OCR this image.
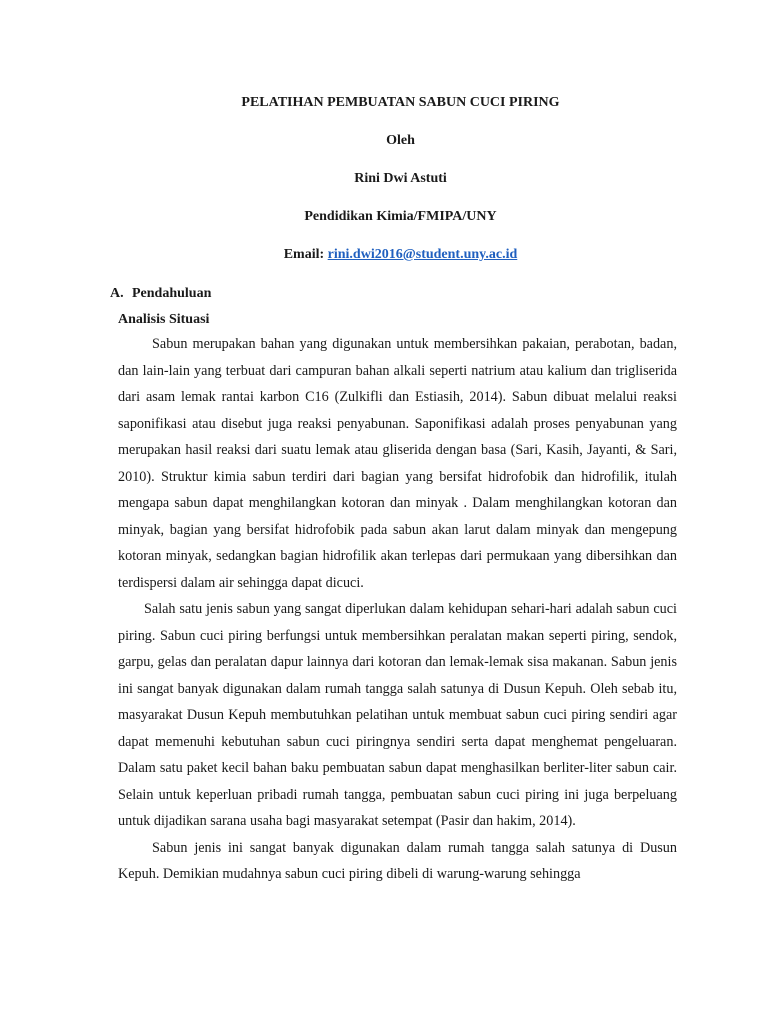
PELATIHAN PEMBUATAN SABUN CUCI PIRING

Oleh

Rini Dwi Astuti

Pendidikan Kimia/FMIPA/UNY

Email: rini.dwi2016@student.uny.ac.id

A. Pendahuluan

Analisis Situasi

Sabun merupakan bahan yang digunakan untuk membersihkan pakaian, perabotan, badan, dan lain-lain yang terbuat dari campuran bahan alkali seperti natrium atau kalium dan trigliserida dari asam lemak rantai karbon C16 (Zulkifli dan Estiasih, 2014). Sabun dibuat melalui reaksi saponifikasi atau disebut juga reaksi penyabunan. Saponifikasi adalah proses penyabunan yang merupakan hasil reaksi dari suatu lemak atau gliserida dengan basa (Sari, Kasih, Jayanti, & Sari, 2010). Struktur kimia sabun terdiri dari bagian yang bersifat hidrofobik dan hidrofilik, itulah mengapa sabun dapat menghilangkan kotoran dan minyak . Dalam menghilangkan kotoran dan minyak, bagian yang bersifat hidrofobik pada sabun akan larut dalam minyak dan mengepung kotoran minyak, sedangkan bagian hidrofilik akan terlepas dari permukaan yang dibersihkan dan terdispersi dalam air sehingga dapat dicuci.

Salah satu jenis sabun yang sangat diperlukan dalam kehidupan sehari-hari adalah sabun cuci piring. Sabun cuci piring berfungsi untuk membersihkan peralatan makan seperti piring, sendok, garpu, gelas dan peralatan dapur lainnya dari kotoran dan lemak-lemak sisa makanan. Sabun jenis ini sangat banyak digunakan dalam rumah tangga salah satunya di Dusun Kepuh. Oleh sebab itu, masyarakat Dusun Kepuh membutuhkan pelatihan untuk membuat sabun cuci piring sendiri agar dapat memenuhi kebutuhan sabun cuci piringnya sendiri serta dapat menghemat pengeluaran. Dalam satu paket kecil bahan baku pembuatan sabun dapat menghasilkan berliter-liter sabun cair. Selain untuk keperluan pribadi rumah tangga, pembuatan sabun cuci piring ini juga berpeluang untuk dijadikan sarana usaha bagi masyarakat setempat (Pasir dan hakim, 2014).

Sabun jenis ini sangat banyak digunakan dalam rumah tangga salah satunya di Dusun Kepuh. Demikian mudahnya sabun cuci piring dibeli di warung-warung sehingga
